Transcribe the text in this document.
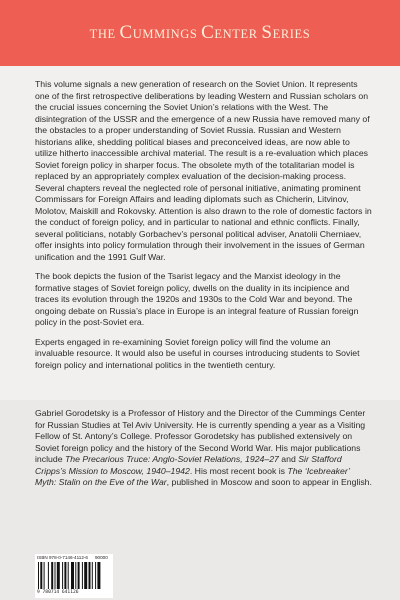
THE CUMMINGS CENTER SERIES

This volume signals a new generation of research on the Soviet Union. It represents one of the first retrospective deliberations by leading Western and Russian scholars on the crucial issues concerning the Soviet Union’s relations with the West. The disintegration of the USSR and the emergence of a new Russia have removed many of the obstacles to a proper understanding of Soviet Russia. Russian and Western historians alike, shedding political biases and preconceived ideas, are now able to utilize hitherto inaccessible archival material. The result is a re-evaluation which places Soviet foreign policy in sharper focus. The obsolete myth of the totalitarian model is replaced by an appropriately complex evaluation of the decision-making process. Several chapters reveal the neglected role of personal initiative, animating prominent Commissars for Foreign Affairs and leading diplomats such as Chicherin, Litvinov, Molotov, Maiskill and Rokovsky. Attention is also drawn to the role of domestic factors in the conduct of foreign policy, and in particular to national and ethnic conflicts. Finally, several politicians, notably Gorbachev’s personal political adviser, Anatolii Cherniaev, offer insights into policy formulation through their involvement in the issues of German unification and the 1991 Gulf War.

The book depicts the fusion of the Tsarist legacy and the Marxist ideology in the formative stages of Soviet foreign policy, dwells on the duality in its incipience and traces its evolution through the 1920s and 1930s to the Cold War and beyond. The ongoing debate on Russia’s place in Europe is an integral feature of Russian foreign policy in the post-Soviet era.

Experts engaged in re-examining Soviet foreign policy will find the volume an invaluable resource. It would also be useful in courses introducing students to Soviet foreign policy and international politics in the twentieth century.

Gabriel Gorodetsky is a Professor of History and the Director of the Cummings Center for Russian Studies at Tel Aviv University. He is currently spending a year as a Visiting Fellow of St. Antony’s College. Professor Gorodetsky has published extensively on Soviet foreign policy and the history of the Second World War. His major publications include The Precarious Truce: Anglo-Soviet Relations, 1924–27 and Sir Stafford Cripps’s Mission to Moscow, 1940–1942. His most recent book is The ‘Icebreaker’ Myth: Stalin on the Eve of the War, published in Moscow and soon to appear in English.
ISBN 978-0-7146-4112-6 90000
9 780714 641126
